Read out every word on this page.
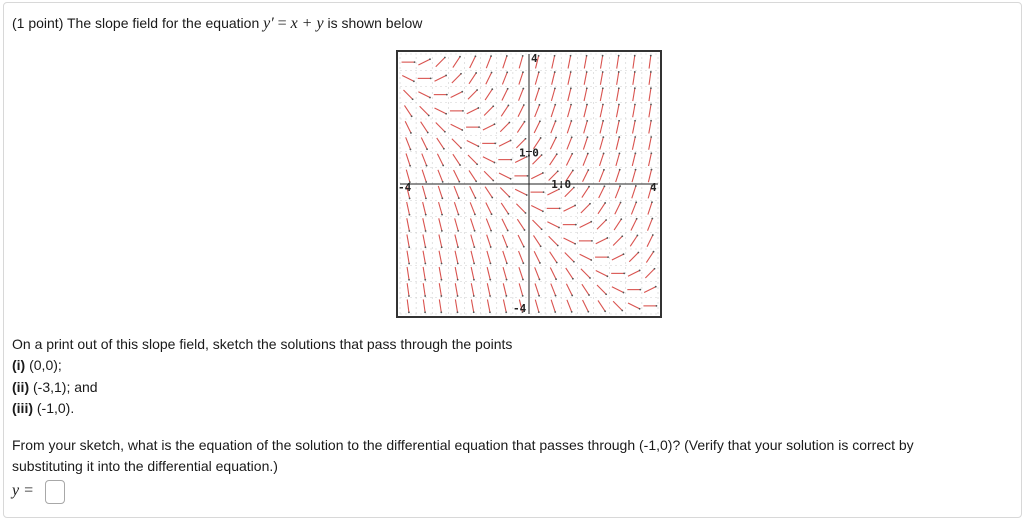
(1 point) The slope field for the equation y′ = x + y is shown below
4
-4
-4	4
1.0
1.0
On a print out of this slope field, sketch the solutions that pass through the points
(i) (0,0);
(ii) (-3,1); and
(iii) (-1,0).
From your sketch, what is the equation of the solution to the differential equation that passes through (-1,0)? (Verify that your solution is correct by
substituting it into the differential equation.)
y =
